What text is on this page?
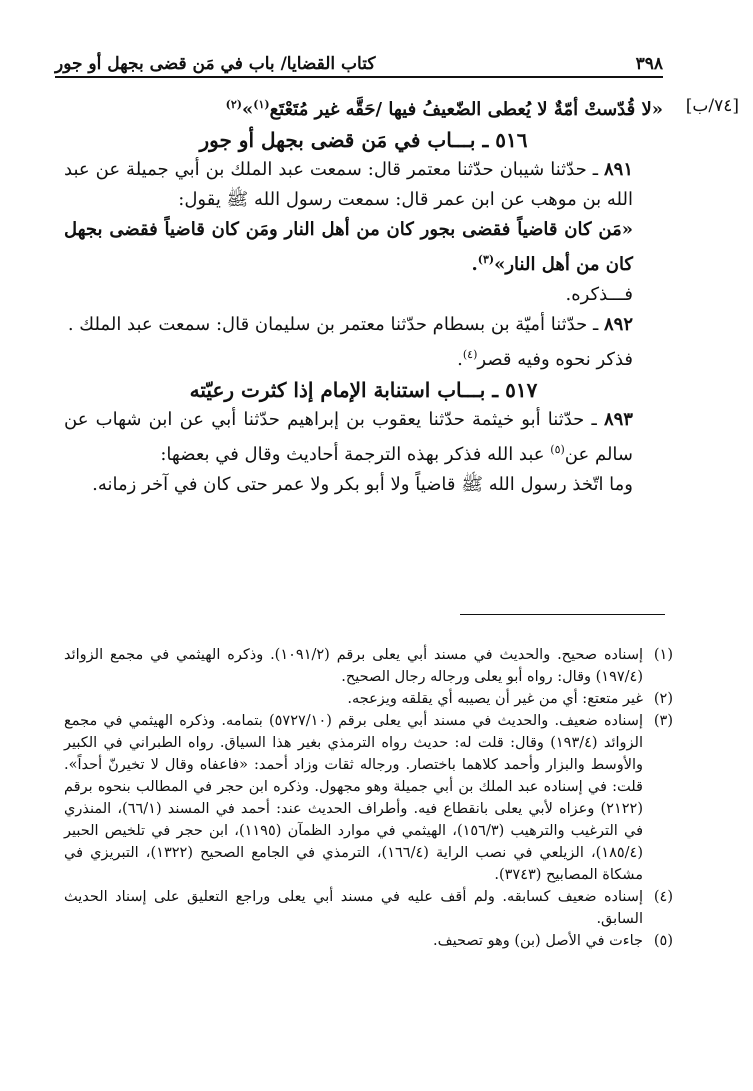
٣٩٨
كتاب القضايا/ باب في مَن قضى بجهل أو جور
[٧٤/ب]

«لا قُدّستْ أمّةٌ لا يُعطى الضّعيفُ فيها /حَقَّه غير مُتَعْتَع$^{(١)}$»$^{(٢)}$

٥١٦ ـ بـــاب في مَن قضى بجهل أو جور

٨٩١ ـ حدّثنا شيبان حدّثنا معتمر قال: سمعت عبد الملك بن أبي جميلة عن عبد الله بن موهب عن ابن عمر قال: سمعت رسول الله ﷺ يقول:

«مَن كان قاضياً فقضى بجور كان من أهل النار ومَن كان قاضياً فقضى بجهل كان من أهل النار»$^{(٣)}$.

فـــذكره.

٨٩٢ ـ حدّثنا أميّة بن بسطام حدّثنا معتمر بن سليمان قال: سمعت عبد الملك .

فذكر نحوه وفيه قصر$^{(٤)}$.

٥١٧ ـ بـــاب استنابة الإمام إذا كثرت رعيّته

٨٩٣ ـ حدّثنا أبو خيثمة حدّثنا يعقوب بن إبراهيم حدّثنا أبي عن ابن شهاب عن سالم عن$^{(٥)}$ عبد الله فذكر بهذه الترجمة أحاديث وقال في بعضها:

وما اتّخذ رسول الله ﷺ قاضياً ولا أبو بكر ولا عمر حتى كان في آخر زمانه.

(١)
إسناده صحيح. والحديث في مسند أبي يعلى برقم (١٠٩١/٢). وذكره الهيثمي في مجمع الزوائد (١٩٧/٤) وقال: رواه أبو يعلى ورجاله رجال الصحيح.
(٢)
غير متعتع: أي من غير أن يصيبه أي يقلقه ويزعجه.
(٣)
إسناده ضعيف. والحديث في مسند أبي يعلى برقم (٥٧٢٧/١٠) بتمامه. وذكره الهيثمي في مجمع الزوائد (١٩٣/٤) وقال: قلت له: حديث رواه الترمذي بغير هذا السياق. رواه الطبراني في الكبير والأوسط والبزار وأحمد كلاهما باختصار. ورجاله ثقات وزاد أحمد: «فاعفاه وقال لا تخيرنّ أحداً». قلت: في إسناده عبد الملك بن أبي جميلة وهو مجهول. وذكره ابن حجر في المطالب بنحوه برقم (٢١٢٢) وعزاه لأبي يعلى بانقطاع فيه. وأطراف الحديث عند: أحمد في المسند (٦٦/١)، المنذري في الترغيب والترهيب (١٥٦/٣)، الهيثمي في موارد الظمآن (١١٩٥)، ابن حجر في تلخيص الحبير (١٨٥/٤)، الزيلعي في نصب الراية (١٦٦/٤)، الترمذي في الجامع الصحيح (١٣٢٢)، التبريزي في مشكاة المصابيح (٣٧٤٣).
(٤)
إسناده ضعيف كسابقه. ولم أقف عليه في مسند أبي يعلى وراجع التعليق على إسناد الحديث السابق.
(٥)
جاءت في الأصل (بن) وهو تصحيف.
